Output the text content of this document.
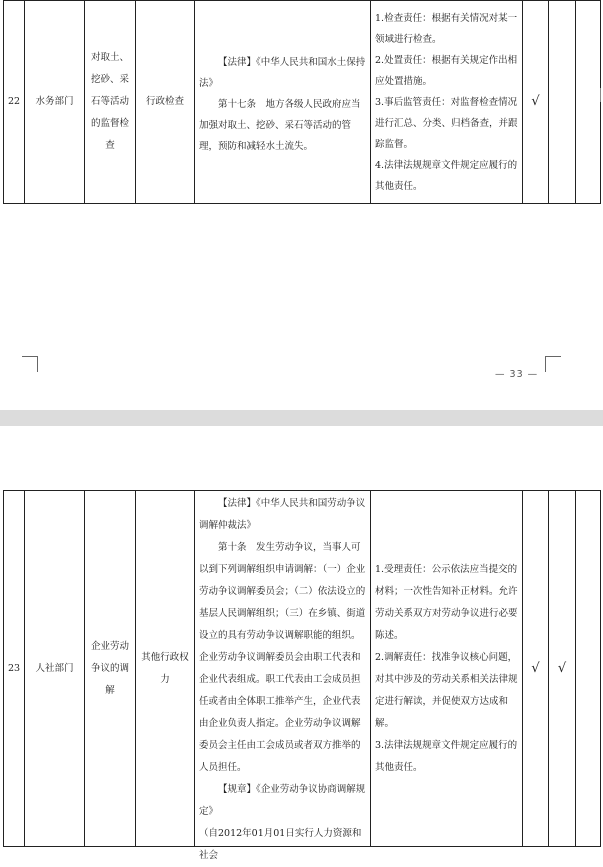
22 水务部门
对取土、挖砂、采石等活动的监督检查
行政检查

【法律】《中华人民共和国水土保持法》

第十七条　地方各级人民政府应当加强对取土、挖砂、采石等活动的管理，预防和减轻水土流失。

1.检查责任：根据有关情况对某一领域进行检查。

2.处置责任：根据有关规定作出相应处置措施。

3.事后监管责任：对监督检查情况进行汇总、分类、归档备查，并跟踪监督。

4.法律法规规章文件规定应履行的其他责任。

√
— 33 —
23 人社部门
企业劳动争议的调解
其他行政权力

【法律】《中华人民共和国劳动争议调解仲裁法》

第十条　发生劳动争议，当事人可以到下列调解组织申请调解：（一）企业劳动争议调解委员会；（二）依法设立的基层人民调解组织；（三）在乡镇、街道设立的具有劳动争议调解职能的组织。企业劳动争议调解委员会由职工代表和企业代表组成。职工代表由工会成员担任或者由全体职工推举产生，企业代表由企业负责人指定。企业劳动争议调解委员会主任由工会成员或者双方推举的人员担任。

【规章】《企业劳动争议协商调解规定》

（自2012年01月01日实行人力资源和社会

1.受理责任：公示依法应当提交的材料；一次性告知补正材料。允许劳动关系双方对劳动争议进行必要陈述。

2.调解责任：找准争议核心问题，对其中涉及的劳动关系相关法律规定进行解读，并促使双方达成和解。

3.法律法规规章文件规定应履行的其他责任。

√ √
